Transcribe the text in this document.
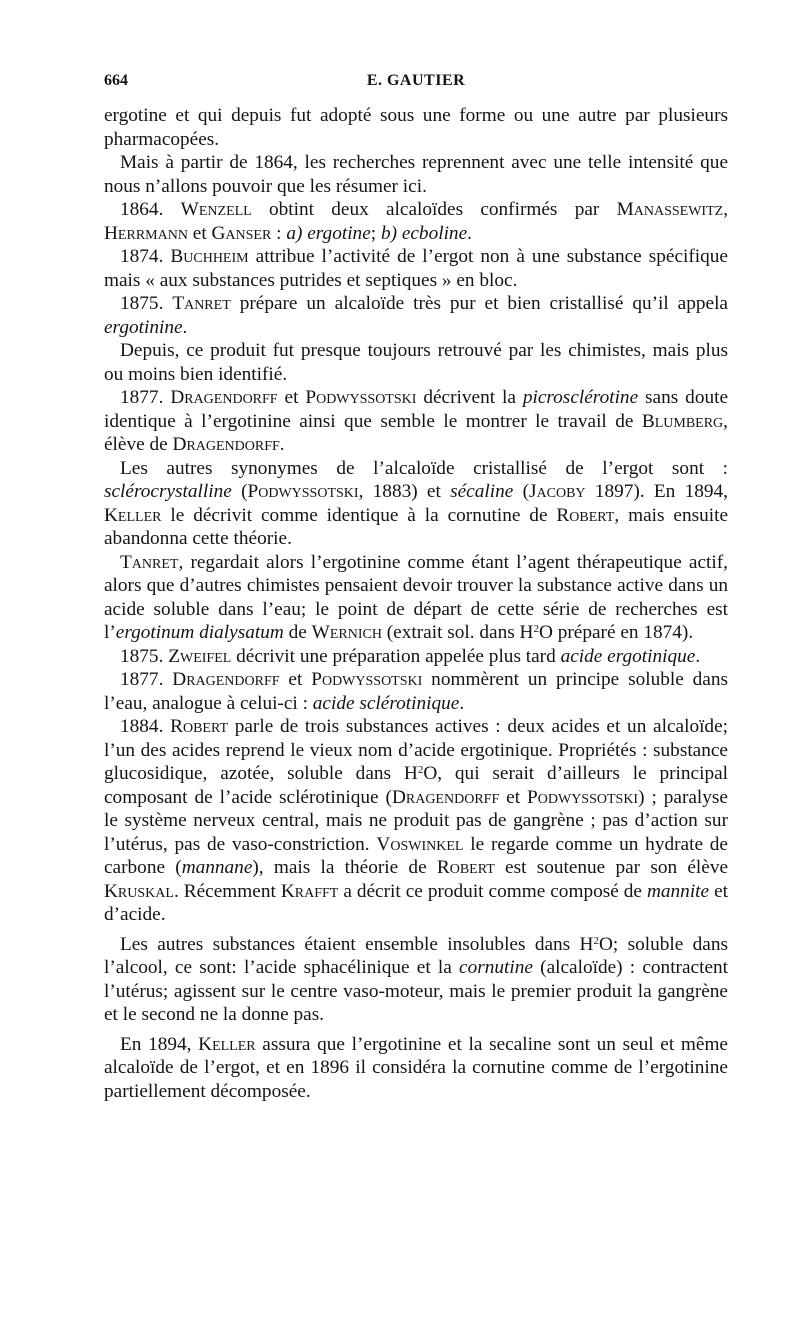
664	E. GAUTIER

ergotine et qui depuis fut adopté sous une forme ou une autre par plusieurs pharmacopées.

Mais à partir de 1864, les recherches reprennent avec une telle intensité que nous n’allons pouvoir que les résumer ici.

1864. Wenzell obtint deux alcaloïdes confirmés par Manassewitz, Herrmann et Ganser : a) ergotine; b) ecboline.

1874. Buchheim attribue l’activité de l’ergot non à une substance spécifique mais « aux substances putrides et septiques » en bloc.

1875. Tanret prépare un alcaloïde très pur et bien cristallisé qu’il appela ergotinine.

Depuis, ce produit fut presque toujours retrouvé par les chimistes, mais plus ou moins bien identifié.

1877. Dragendorff et Podwyssotski décrivent la picrosclérotine sans doute identique à l’ergotinine ainsi que semble le montrer le travail de Blumberg, élève de Dragendorff.

Les autres synonymes de l’alcaloïde cristallisé de l’ergot sont : sclérocrystalline (Podwyssotski, 1883) et sécaline (Jacoby 1897). En 1894, Keller le décrivit comme identique à la cornutine de Robert, mais ensuite abandonna cette théorie.

Tanret, regardait alors l’ergotinine comme étant l’agent thérapeutique actif, alors que d’autres chimistes pensaient devoir trouver la substance active dans un acide soluble dans l’eau; le point de départ de cette série de recherches est l’ergotinum dialysatum de Wernich (extrait sol. dans $H^2O$ préparé en 1874).

1875. Zweifel décrivit une préparation appelée plus tard acide ergotinique.

1877. Dragendorff et Podwyssotski nommèrent un principe soluble dans l’eau, analogue à celui-ci : acide sclérotinique.

1884. Robert parle de trois substances actives : deux acides et un alcaloïde; l’un des acides reprend le vieux nom d’acide ergotinique. Propriétés : substance glucosidique, azotée, soluble dans $H^2O$, qui serait d’ailleurs le principal composant de l’acide sclérotinique (Dragendorff et Podwyssotski) ; paralyse le système nerveux central, mais ne produit pas de gangrène ; pas d’action sur l’utérus, pas de vaso-constriction. Voswinkel le regarde comme un hydrate de carbone (mannane), mais la théorie de Robert est soutenue par son élève Kruskal. Récemment Krafft a décrit ce produit comme composé de mannite et d’acide.

Les autres substances étaient ensemble insolubles dans $H^2O$; soluble dans l’alcool, ce sont: l’acide sphacélinique et la cornutine (alcaloïde) : contractent l’utérus; agissent sur le centre vaso-moteur, mais le premier produit la gangrène et le second ne la donne pas.

En 1894, Keller assura que l’ergotinine et la secaline sont un seul et même alcaloïde de l’ergot, et en 1896 il considéra la cornutine comme de l’ergotinine partiellement décomposée.
